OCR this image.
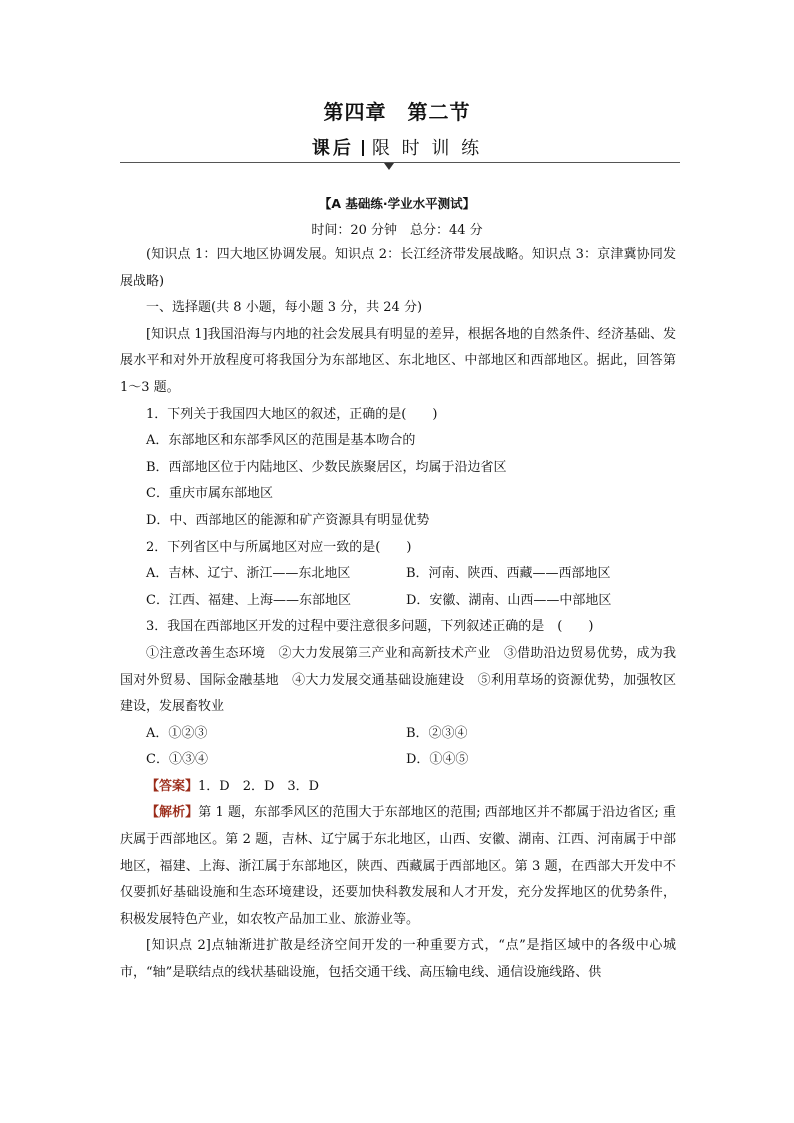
第四章　第二节
课后 限 时 训 练
【A 基础练·学业水平测试】
时间：20 分钟　总分：44 分

(知识点 1：四大地区协调发展。知识点 2：长江经济带发展战略。知识点 3：京津冀协同发展战略)

一、选择题(共 8 小题，每小题 3 分，共 24 分)

[知识点 1]我国沿海与内地的社会发展具有明显的差异，根据各地的自然条件、经济基础、发展水平和对外开放程度可将我国分为东部地区、东北地区、中部地区和西部地区。据此，回答第 1～3 题。

1．下列关于我国四大地区的叙述，正确的是(　　)

A．东部地区和东部季风区的范围是基本吻合的

B．西部地区位于内陆地区、少数民族聚居区，均属于沿边省区

C．重庆市属东部地区

D．中、西部地区的能源和矿产资源具有明显优势

2．下列省区中与所属地区对应一致的是(　　)

A．吉林、辽宁、浙江——东北地区	B．河南、陕西、西藏——西部地区
C．江西、福建、上海——东部地区	D．安徽、湖南、山西——中部地区

3．我国在西部地区开发的过程中要注意很多问题，下列叙述正确的是　(　　)

①注意改善生态环境　②大力发展第三产业和高新技术产业　③借助沿边贸易优势，成为我国对外贸易、国际金融基地　④大力发展交通基础设施建设　⑤利用草场的资源优势，加强牧区建设，发展畜牧业

A．①②③	B．②③④
C．①③④	D．①④⑤

【答案】1．D　2．D　3．D

【解析】第 1 题，东部季风区的范围大于东部地区的范围; 西部地区并不都属于沿边省区; 重庆属于西部地区。第 2 题，吉林、辽宁属于东北地区，山西、安徽、湖南、江西、河南属于中部地区，福建、上海、浙江属于东部地区，陕西、西藏属于西部地区。第 3 题，在西部大开发中不仅要抓好基础设施和生态环境建设，还要加快科教发展和人才开发，充分发挥地区的优势条件，积极发展特色产业，如农牧产品加工业、旅游业等。

[知识点 2]点轴渐进扩散是经济空间开发的一种重要方式，“点”是指区域中的各级中心城市，“轴”是联结点的线状基础设施，包括交通干线、高压输电线、通信设施线路、供
